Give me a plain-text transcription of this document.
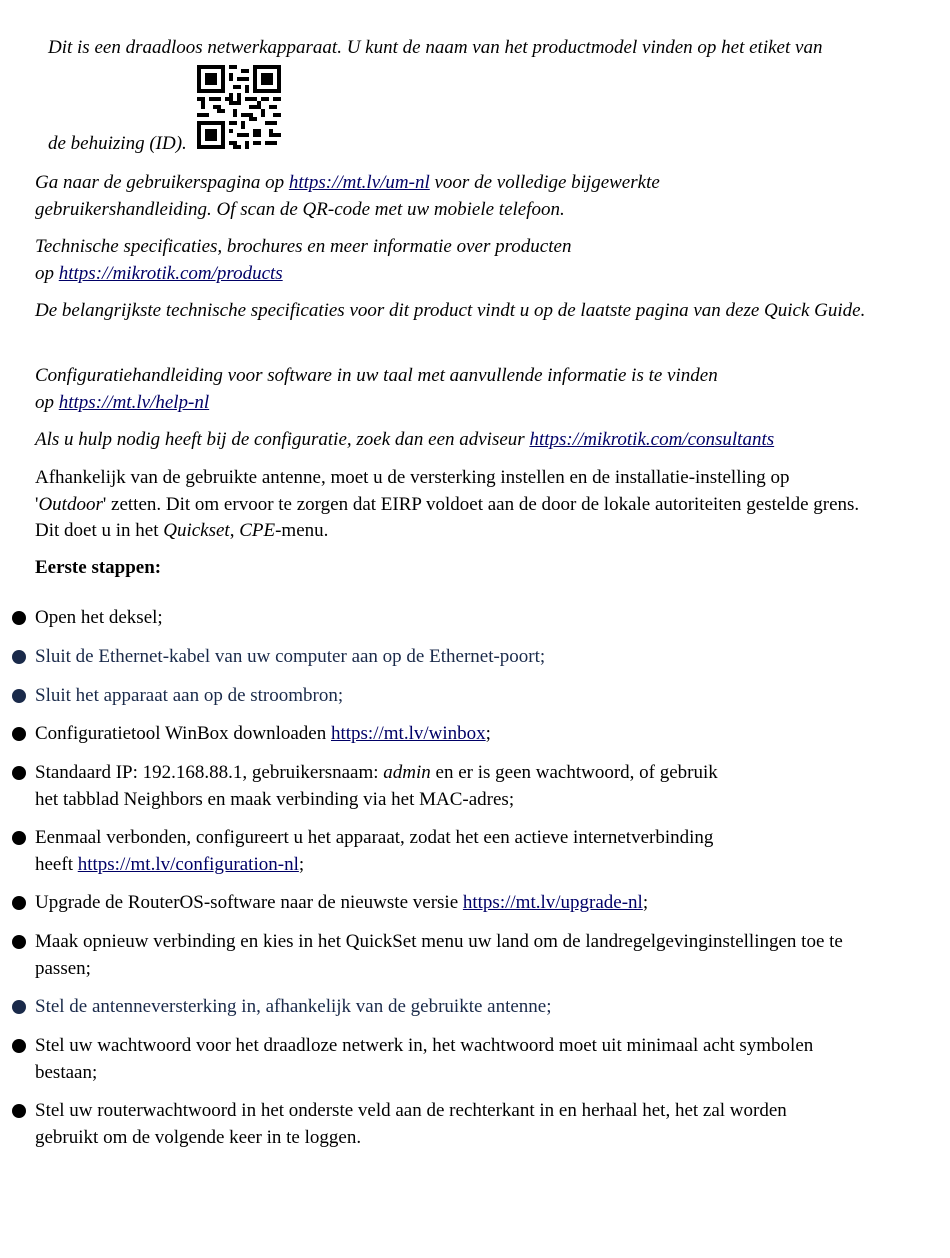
Dit is een draadloos netwerkapparaat. U kunt de naam van het productmodel vinden op het etiket van
de behuizing (ID).

Ga naar de gebruikerspagina op https://mt.lv/um-nl voor de volledige bijgewerkte
gebruikershandleiding. Of scan de QR-code met uw mobiele telefoon.

Technische specificaties, brochures en meer informatie over producten
op https://mikrotik.com/products

De belangrijkste technische specificaties voor dit product vindt u op de laatste pagina van deze Quick Guide.

Configuratiehandleiding voor software in uw taal met aanvullende informatie is te vinden
op https://mt.lv/help-nl

Als u hulp nodig heeft bij de configuratie, zoek dan een adviseur https://mikrotik.com/consultants

Afhankelijk van de gebruikte antenne, moet u de versterking instellen en de installatie-instelling op 'Outdoor' zetten. Dit om ervoor te zorgen dat EIRP voldoet aan de door de lokale autoriteiten gestelde grens. Dit doet u in het Quickset, CPE-menu.

Eerste stappen:

Open het deksel;
Sluit de Ethernet-kabel van uw computer aan op de Ethernet-poort;
Sluit het apparaat aan op de stroombron;
Configuratietool WinBox downloaden https://mt.lv/winbox;
Standaard IP: 192.168.88.1, gebruikersnaam: admin en er is geen wachtwoord, of gebruik
het tabblad Neighbors en maak verbinding via het MAC-adres;
Eenmaal verbonden, configureert u het apparaat, zodat het een actieve internetverbinding
heeft https://mt.lv/configuration-nl;
Upgrade de RouterOS-software naar de nieuwste versie https://mt.lv/upgrade-nl;
Maak opnieuw verbinding en kies in het QuickSet menu uw land om de landregelgevinginstellingen toe te passen;
Stel de antenneversterking in, afhankelijk van de gebruikte antenne;
Stel uw wachtwoord voor het draadloze netwerk in, het wachtwoord moet uit minimaal acht symbolen bestaan;
Stel uw routerwachtwoord in het onderste veld aan de rechterkant in en herhaal het, het zal worden gebruikt om de volgende keer in te loggen.
